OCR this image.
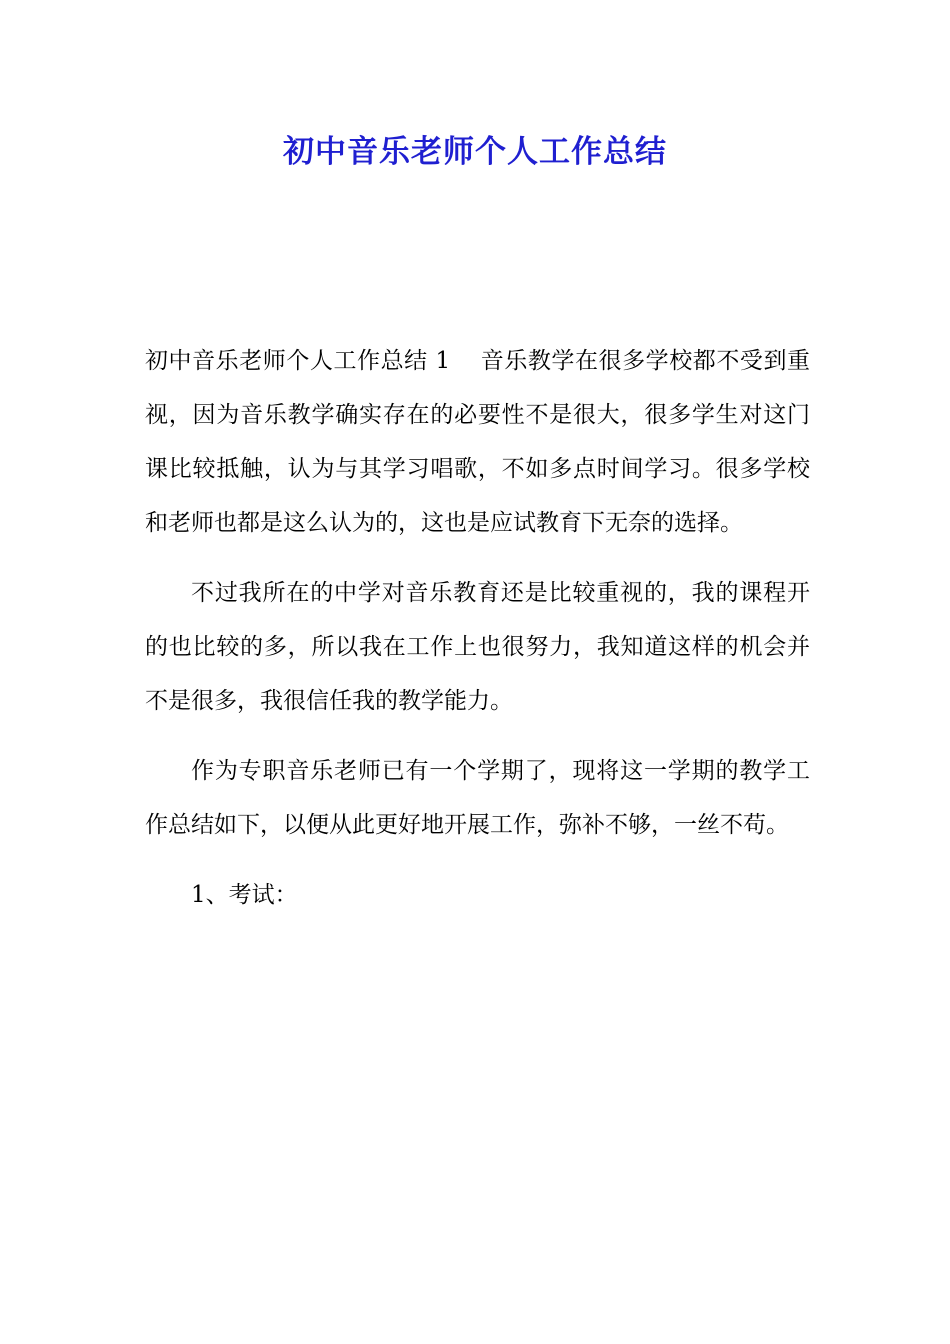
初中音乐老师个人工作总结

初中音乐老师个人工作总结 1 音乐教学在很多学校都不受到重视，因为音乐教学确实存在的必要性不是很大，很多学生对这门课比较抵触，认为与其学习唱歌，不如多点时间学习。很多学校和老师也都是这么认为的，这也是应试教育下无奈的选择。

不过我所在的中学对音乐教育还是比较重视的，我的课程开的也比较的多，所以我在工作上也很努力，我知道这样的机会并不是很多，我很信任我的教学能力。

作为专职音乐老师已有一个学期了，现将这一学期的教学工作总结如下，以便从此更好地开展工作，弥补不够，一丝不苟。

1、考试：
